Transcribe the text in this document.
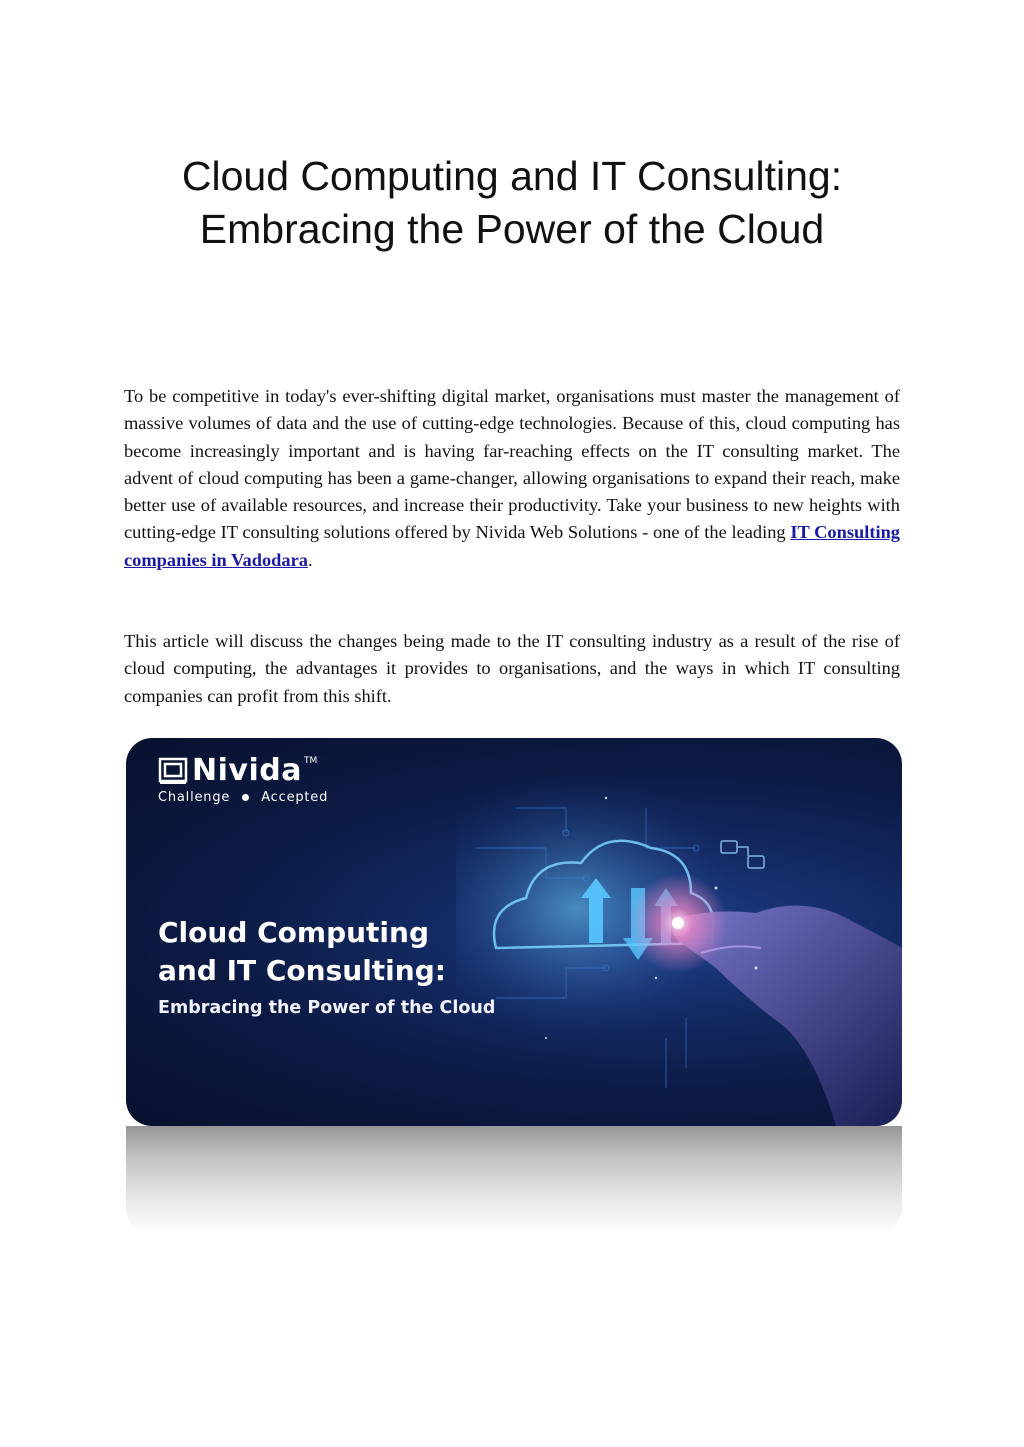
Cloud Computing and IT Consulting:
Embracing the Power of the Cloud
To be competitive in today's ever-shifting digital market, organisations must master the management of massive volumes of data and the use of cutting-edge technologies. Because of this, cloud computing has become increasingly important and is having far-reaching effects on the IT consulting market. The advent of cloud computing has been a game-changer, allowing organisations to expand their reach, make better use of available resources, and increase their productivity. Take your business to new heights with cutting-edge IT consulting solutions offered by Nivida Web Solutions - one of the leading IT Consulting companies in Vadodara.
This article will discuss the changes being made to the IT consulting industry as a result of the rise of cloud computing, the advantages it provides to organisations, and the ways in which IT consulting companies can profit from this shift.
Nivida TM
Challenge Accepted
Cloud Computing
and IT Consulting:
Embracing the Power of the Cloud
